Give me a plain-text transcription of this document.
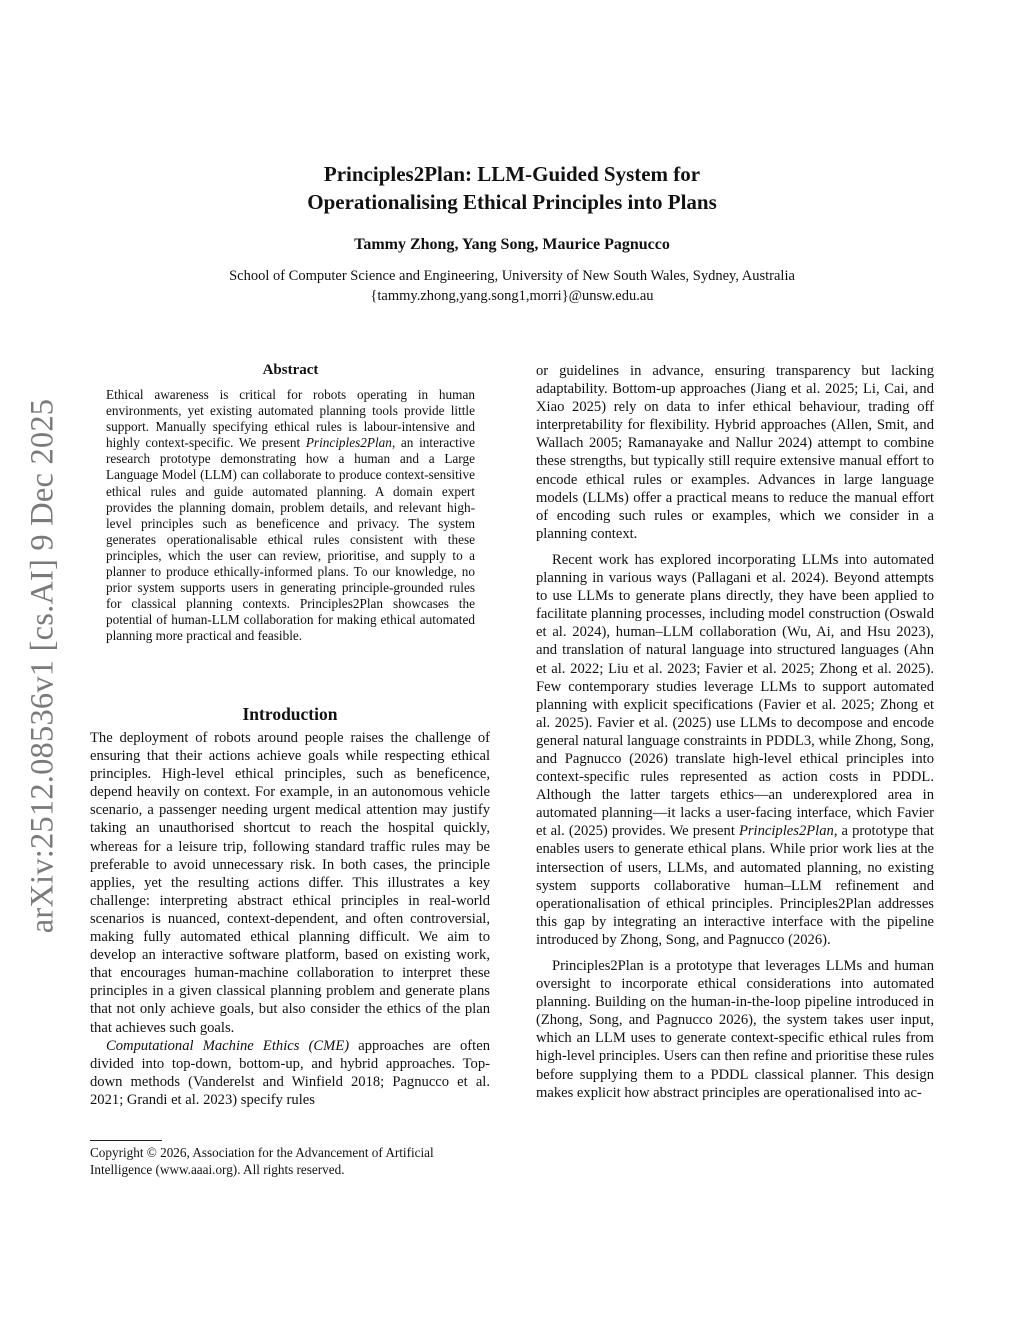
Principles2Plan: LLM-Guided System for
Operationalising Ethical Principles into Plans
Tammy Zhong, Yang Song, Maurice Pagnucco
School of Computer Science and Engineering, University of New South Wales, Sydney, Australia
{tammy.zhong,yang.song1,morri}@unsw.edu.au
arXiv:2512.08536v1 [cs.AI] 9 Dec 2025
Abstract

Ethical awareness is critical for robots operating in human environments, yet existing automated planning tools provide little support. Manually specifying ethical rules is labour-intensive and highly context-specific. We present Principles2Plan, an interactive research prototype demonstrating how a human and a Large Language Model (LLM) can collaborate to produce context-sensitive ethical rules and guide automated planning. A domain expert provides the planning domain, problem details, and relevant high-level principles such as beneficence and privacy. The system generates operationalisable ethical rules consistent with these principles, which the user can review, prioritise, and supply to a planner to produce ethically-informed plans. To our knowledge, no prior system supports users in generating principle-grounded rules for classical planning contexts. Principles2Plan showcases the potential of human-LLM collaboration for making ethical automated planning more practical and feasible.

Introduction

The deployment of robots around people raises the challenge of ensuring that their actions achieve goals while respecting ethical principles. High-level ethical principles, such as beneficence, depend heavily on context. For example, in an autonomous vehicle scenario, a passenger needing urgent medical attention may justify taking an unauthorised shortcut to reach the hospital quickly, whereas for a leisure trip, following standard traffic rules may be preferable to avoid unnecessary risk. In both cases, the principle applies, yet the resulting actions differ. This illustrates a key challenge: interpreting abstract ethical principles in real-world scenarios is nuanced, context-dependent, and often controversial, making fully automated ethical planning difficult. We aim to develop an interactive software platform, based on existing work, that encourages human-machine collaboration to interpret these principles in a given classical planning problem and generate plans that not only achieve goals, but also consider the ethics of the plan that achieves such goals.

Computational Machine Ethics (CME) approaches are often divided into top-down, bottom-up, and hybrid approaches. Top-down methods (Vanderelst and Winfield 2018; Pagnucco et al. 2021; Grandi et al. 2023) specify rules

Copyright © 2026, Association for the Advancement of Artificial Intelligence (www.aaai.org). All rights reserved.

or guidelines in advance, ensuring transparency but lacking adaptability. Bottom-up approaches (Jiang et al. 2025; Li, Cai, and Xiao 2025) rely on data to infer ethical behaviour, trading off interpretability for flexibility. Hybrid approaches (Allen, Smit, and Wallach 2005; Ramanayake and Nallur 2024) attempt to combine these strengths, but typically still require extensive manual effort to encode ethical rules or examples. Advances in large language models (LLMs) offer a practical means to reduce the manual effort of encoding such rules or examples, which we consider in a planning context.

Recent work has explored incorporating LLMs into automated planning in various ways (Pallagani et al. 2024). Beyond attempts to use LLMs to generate plans directly, they have been applied to facilitate planning processes, including model construction (Oswald et al. 2024), human–LLM collaboration (Wu, Ai, and Hsu 2023), and translation of natural language into structured languages (Ahn et al. 2022; Liu et al. 2023; Favier et al. 2025; Zhong et al. 2025). Few contemporary studies leverage LLMs to support automated planning with explicit specifications (Favier et al. 2025; Zhong et al. 2025). Favier et al. (2025) use LLMs to decompose and encode general natural language constraints in PDDL3, while Zhong, Song, and Pagnucco (2026) translate high-level ethical principles into context-specific rules represented as action costs in PDDL. Although the latter targets ethics—an underexplored area in automated planning—it lacks a user-facing interface, which Favier et al. (2025) provides. We present Principles2Plan, a prototype that enables users to generate ethical plans. While prior work lies at the intersection of users, LLMs, and automated planning, no existing system supports collaborative human–LLM refinement and operationalisation of ethical principles. Principles2Plan addresses this gap by integrating an interactive interface with the pipeline introduced by Zhong, Song, and Pagnucco (2026).

Principles2Plan is a prototype that leverages LLMs and human oversight to incorporate ethical considerations into automated planning. Building on the human-in-the-loop pipeline introduced in (Zhong, Song, and Pagnucco 2026), the system takes user input, which an LLM uses to generate context-specific ethical rules from high-level principles. Users can then refine and prioritise these rules before supplying them to a PDDL classical planner. This design makes explicit how abstract principles are operationalised into ac-
